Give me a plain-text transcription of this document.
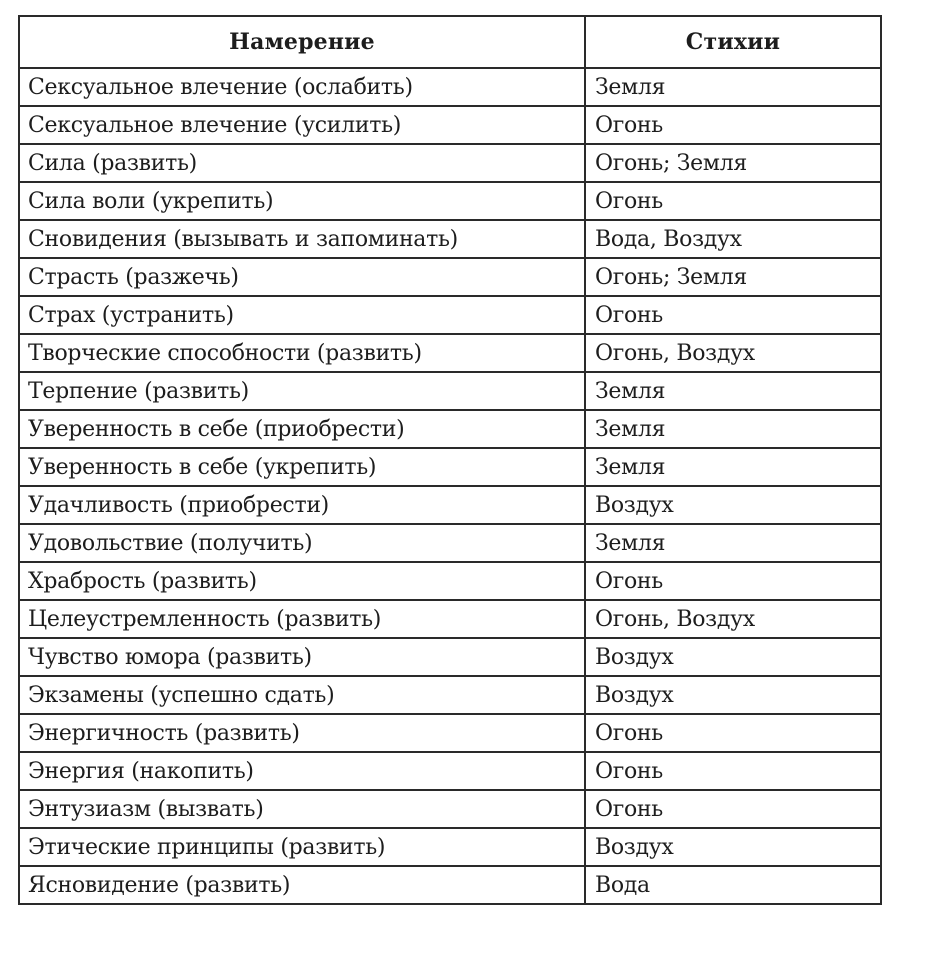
Намерение	Стихии
Сексуальное влечение (ослабить)	Земля
Сексуальное влечение (усилить)	Огонь
Сила (развить)	Огонь; Земля
Сила воли (укрепить)	Огонь
Сновидения (вызывать и запоминать)	Вода, Воздух
Страсть (разжечь)	Огонь; Земля
Страх (устранить)	Огонь
Творческие способности (развить)	Огонь, Воздух
Терпение (развить)	Земля
Уверенность в себе (приобрести)	Земля
Уверенность в себе (укрепить)	Земля
Удачливость (приобрести)	Воздух
Удовольствие (получить)	Земля
Храбрость (развить)	Огонь
Целеустремленность (развить)	Огонь, Воздух
Чувство юмора (развить)	Воздух
Экзамены (успешно сдать)	Воздух
Энергичность (развить)	Огонь
Энергия (накопить)	Огонь
Энтузиазм (вызвать)	Огонь
Этические принципы (развить)	Воздух
Ясновидение (развить)	Вода
